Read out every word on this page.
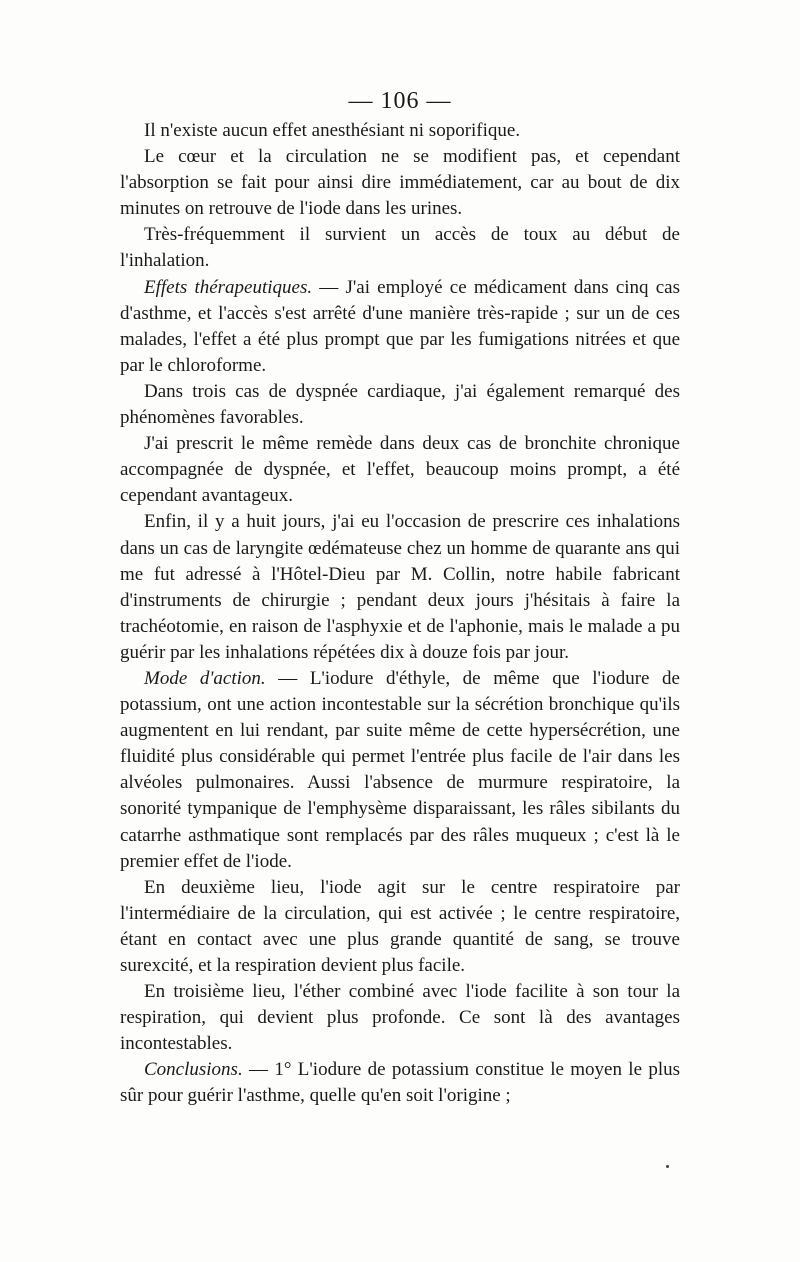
— 106 —

Il n'existe aucun effet anesthésiant ni soporifique.

Le cœur et la circulation ne se modifient pas, et cependant l'absorption se fait pour ainsi dire immédiatement, car au bout de dix minutes on retrouve de l'iode dans les urines.

Très-fréquemment il survient un accès de toux au début de l'inhalation.

Effets thérapeutiques. — J'ai employé ce médicament dans cinq cas d'asthme, et l'accès s'est arrêté d'une manière très-rapide ; sur un de ces malades, l'effet a été plus prompt que par les fumigations nitrées et que par le chloroforme.

Dans trois cas de dyspnée cardiaque, j'ai également remarqué des phénomènes favorables.

J'ai prescrit le même remède dans deux cas de bronchite chronique accompagnée de dyspnée, et l'effet, beaucoup moins prompt, a été cependant avantageux.

Enfin, il y a huit jours, j'ai eu l'occasion de prescrire ces inhalations dans un cas de laryngite œdémateuse chez un homme de quarante ans qui me fut adressé à l'Hôtel-Dieu par M. Collin, notre habile fabricant d'instruments de chirurgie ; pendant deux jours j'hésitais à faire la trachéotomie, en raison de l'asphyxie et de l'aphonie, mais le malade a pu guérir par les inhalations répétées dix à douze fois par jour.

Mode d'action. — L'iodure d'éthyle, de même que l'iodure de potassium, ont une action incontestable sur la sécrétion bronchique qu'ils augmentent en lui rendant, par suite même de cette hypersécrétion, une fluidité plus considérable qui permet l'entrée plus facile de l'air dans les alvéoles pulmonaires. Aussi l'absence de murmure respiratoire, la sonorité tympanique de l'emphysème disparaissant, les râles sibilants du catarrhe asthmatique sont remplacés par des râles muqueux ; c'est là le premier effet de l'iode.

En deuxième lieu, l'iode agit sur le centre respiratoire par l'intermédiaire de la circulation, qui est activée ; le centre respiratoire, étant en contact avec une plus grande quantité de sang, se trouve surexcité, et la respiration devient plus facile.

En troisième lieu, l'éther combiné avec l'iode facilite à son tour la respiration, qui devient plus profonde. Ce sont là des avantages incontestables.

Conclusions. — 1° L'iodure de potassium constitue le moyen le plus sûr pour guérir l'asthme, quelle qu'en soit l'origine ;
